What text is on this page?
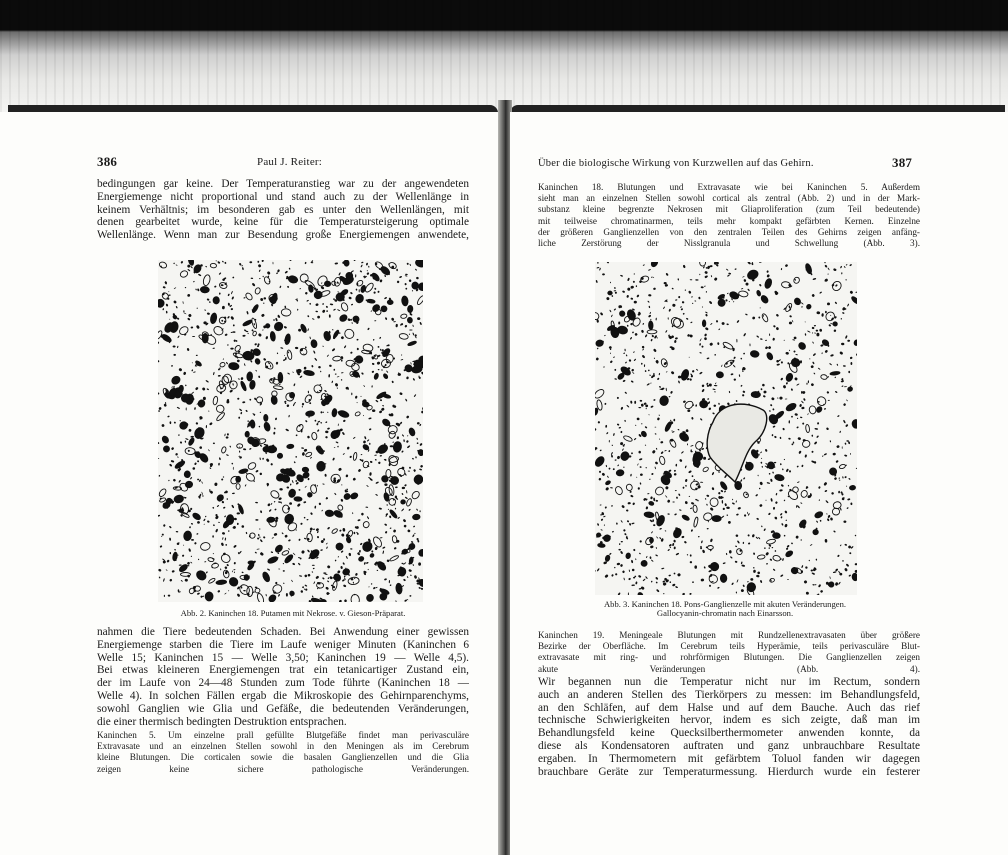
386	Paul J. Reiter:
bedingungen gar keine. Der Temperaturanstieg war zu der angewendeten
Energiemenge nicht proportional und stand auch zu der Wellenlänge in
keinem Verhältnis; im besonderen gab es unter den Wellenlängen, mit
denen gearbeitet wurde, keine für die Temperatursteigerung optimale
Wellenlänge. Wenn man zur Besendung große Energiemengen anwendete,
Abb. 2. Kaninchen 18. Putamen mit Nekrose. v. Gieson-Präparat.
nahmen die Tiere bedeutenden Schaden. Bei Anwendung einer gewissen
Energiemenge starben die Tiere im Laufe weniger Minuten (Kaninchen 6
Welle 15; Kaninchen 15 — Welle 3,50; Kaninchen 19 — Welle 4,5).
Bei etwas kleineren Energiemengen trat ein tetanicartiger Zustand ein,
der im Laufe von 24—48 Stunden zum Tode führte (Kaninchen 18 —
Welle 4). In solchen Fällen ergab die Mikroskopie des Gehirnparenchyms,
sowohl Ganglien wie Glia und Gefäße, die bedeutenden Veränderungen,
die einer thermisch bedingten Destruktion entsprachen.
Kaninchen 5. Um einzelne prall gefüllte Blutgefäße findet man perivasculäre
Extravasate und an einzelnen Stellen sowohl in den Meningen als im Cerebrum
kleine Blutungen. Die corticalen sowie die basalen Ganglienzellen und die Glia
zeigen keine sichere pathologische Veränderungen.
Über die biologische Wirkung von Kurzwellen auf das Gehirn.	387
Kaninchen 18. Blutungen und Extravasate wie bei Kaninchen 5. Außerdem
sieht man an einzelnen Stellen sowohl cortical als zentral (Abb. 2) und in der Mark-
substanz kleine begrenzte Nekrosen mit Gliaproliferation (zum Teil bedeutende)
mit teilweise chromatinarmen, teils mehr kompakt gefärbten Kernen. Einzelne
der größeren Ganglienzellen von den zentralen Teilen des Gehirns zeigen anfäng-
liche Zerstörung der Nisslgranula und Schwellung (Abb. 3).
Abb. 3. Kaninchen 18. Pons-Ganglienzelle mit akuten Veränderungen.
Gallocyanin-chromatin nach Einarsson.
Kaninchen 19. Meningeale Blutungen mit Rundzellenextravasaten über größere
Bezirke der Oberfläche. Im Cerebrum teils Hyperämie, teils perivasculäre Blut-
extravasate mit ring- und rohrförmigen Blutungen. Die Ganglienzellen zeigen
akute Veränderungen (Abb. 4).
Wir begannen nun die Temperatur nicht nur im Rectum, sondern
auch an anderen Stellen des Tierkörpers zu messen: im Behandlungsfeld,
an den Schläfen, auf dem Halse und auf dem Bauche. Auch das rief
technische Schwierigkeiten hervor, indem es sich zeigte, daß man im
Behandlungsfeld keine Quecksilberthermometer anwenden konnte, da
diese als Kondensatoren auftraten und ganz unbrauchbare Resultate
ergaben. In Thermometern mit gefärbtem Toluol fanden wir dagegen
brauchbare Geräte zur Temperaturmessung. Hierdurch wurde ein festerer
